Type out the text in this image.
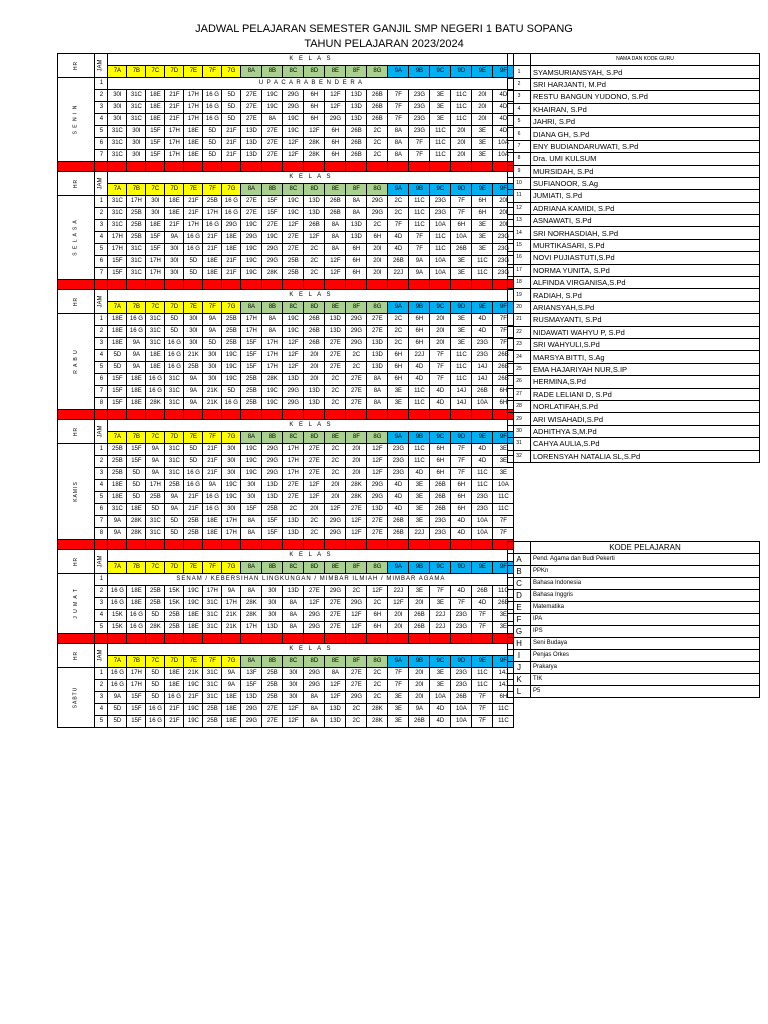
JADWAL PELAJARAN SEMESTER GANJIL SMP NEGERI 1 BATU SOPANG
TAHUN PELAJARAN 2023/2024
HR	JAM	K E L A S																			
		7A	7B	7C	7D	7E	7F	7G	8A	8B	8C	8D	8E	8F	8G	9A	9B	9C	9D	9E	9F
S E N I N	1	U P A C A R A B E N D E R A																			
	2	30I	31C	18E	21F	17H	16 G	5D	27E	19C	29G	6H	12F	13D	26B	7F	23G	3E	11C	20I	4D
	3	30I	31C	18E	21F	17H	16 G	5D	27E	19C	29G	6H	12F	13D	26B	7F	23G	3E	11C	20I	4D
	4	30I	31C	18E	21F	17H	16 G	5D	27E	8A	19C	6H	29G	13D	26B	7F	23G	3E	11C	20I	4D
	5	31C	30I	15F	17H	18E	5D	21F	13D	27E	19C	12F	6H	26B	2C	8A	23G	11C	20I	3E	4D
	6	31C	30I	15F	17H	18E	5D	21F	13D	27E	12F	28K	6H	26B	2C	8A	7F	11C	20I	3E	10A
	7	31C	30I	15F	17H	18E	5D	21F	13D	27E	12F	28K	6H	26B	2C	8A	7F	11C	20I	3E	10A

HR	JAM	K E L A S																			
		7A	7B	7C	7D	7E	7F	7G	8A	8B	8C	8D	8E	8F	8G	9A	9B	9C	9D	9E	9F
S E L A S A	1	31C	17H	30I	18E	21F	25B	16 G	27E	15F	19C	13D	26B	8A	29G	2C	11C	23G	7F	6H	20I
	2	31C	25B	30I	18E	21F	17H	16 G	27E	15F	19C	13D	26B	8A	29G	2C	11C	23G	7F	6H	20I
	3	31C	25B	18E	21F	17H	16 G	29G	19C	27E	12F	26B	8A	13D	2C	7F	11C	10A	6H	3E	20I
	4	17H	25B	15F	9A	16 G	21F	18E	29G	19C	27E	12F	8A	13D	6H	4D	7F	11C	10A	3E	23G
	5	17H	31C	15F	30I	16 G	21F	18E	19C	29G	27E	2C	8A	6H	20I	4D	7F	11C	26B	3E	23G
	6	15F	31C	17H	30I	5D	18E	21F	19C	29G	25B	2C	12F	6H	20I	26B	9A	10A	3E	11C	23G
	7	15F	31C	17H	30I	5D	18E	21F	19C	28K	25B	2C	12F	6H	20I	22J	9A	10A	3E	11C	23G

HR	JAM	K E L A S																			
		7A	7B	7C	7D	7E	7F	7G	8A	8B	8C	8D	8E	8F	8G	9A	9B	9C	9D	9E	9F
R A B U	1	18E	16 G	31C	5D	30I	9A	25B	17H	8A	19C	26B	13D	29G	27E	2C	6H	20I	3E	4D	7F
	2	18E	16 G	31C	5D	30I	9A	25B	17H	8A	19C	26B	13D	29G	27E	2C	6H	20I	3E	4D	7F
	3	18E	9A	31C	16 G	30I	5D	25B	15F	17H	12F	26B	27E	29G	13D	2C	6H	20I	3E	23G	7F
	4	5D	9A	18E	16 G	21K	30I	19C	15F	17H	12F	20I	27E	2C	13D	6H	22J	7F	11C	23G	26B
	5	5D	9A	18E	16 G	25B	30I	19C	15F	17H	12F	20I	27E	2C	13D	6H	4D	7F	11C	14J	26B
	6	15F	18E	16 G	31C	9A	30I	19C	25B	28K	13D	20I	2C	27E	8A	6H	4D	7F	11C	14J	26B
	7	15F	18E	16 G	31C	9A	21K	5D	25B	19C	29G	13D	2C	27E	8A	3E	11C	4D	14J	26B	6H
	8	15F	18E	28K	31C	9A	21K	16 G	25B	19C	29G	13D	2C	27E	8A	3E	11C	4D	14J	10A	6H

HR	JAM	K E L A S																			
		7A	7B	7C	7D	7E	7F	7G	8A	8B	8C	8D	8E	8F	8G	9A	9B	9C	9D	9E	9F
KAMIS	1	25B	15F	9A	31C	5D	21F	30I	19C	29G	17H	27E	2C	20I	12F	23G	11C	6H	7F	4D	3E
	2	25B	15F	9A	31C	5D	21F	30I	19C	29G	17H	27E	2C	20I	12F	23G	11C	6H	7F	4D	3E
	3	25B	5D	9A	31C	16 G	21F	30I	19C	29G	17H	27E	2C	20I	12F	23G	4D	6H	7F	11C	3E
	4	18E	5D	17H	25B	16 G	9A	19C	30I	13D	27E	12F	20I	28K	29G	4D	3E	26B	6H	11C	10A
	5	18E	5D	25B	9A	21F	16 G	19C	30I	13D	27E	12F	20I	28K	29G	4D	3E	26B	6H	23G	11C
	6	31C	18E	5D	9A	21F	16 G	30I	15F	25B	2C	20I	12F	27E	13D	4D	3E	26B	6H	23G	11C
	7	9A	28K	31C	5D	25B	18E	17H	8A	15F	13D	2C	29G	12F	27E	26B	3E	23G	4D	10A	7F
	8	9A	28K	31C	5D	25B	18E	17H	8A	15F	13D	2C	29G	12F	27E	26B	22J	23G	4D	10A	7F

HR	JAM	K E L A S																			
		7A	7B	7C	7D	7E	7F	7G	8A	8B	8C	8D	8E	8F	8G	9A	9B	9C	9D	9E	9F
J U M A T	1	SENAM / KEBERSIHAN LINGKUNGAN / MIMBAR ILMIAH / MIMBAR AGAMA																			
	2	16 G	18E	25B	15K	19C	17H	9A	8A	30I	13D	27E	29G	2C	12F	22J	3E	7F	4D	26B	11C
	3	16 G	18E	25B	15K	19C	31C	17H	28K	30I	8A	12F	27E	29G	2C	12F	20I	3E	7F	4D	26B
	4	15K	16 G	5D	25B	18E	31C	21K	28K	30I	8A	29G	27E	12F	6H	20I	26B	22J	23G	7F	3E
	5	15K	16 G	28K	25B	18E	31C	21K	17H	13D	8A	29G	27E	12F	6H	20I	26B	22J	23G	7F	3E

HR	JAM	K E L A S																			
		7A	7B	7C	7D	7E	7F	7G	8A	8B	8C	8D	8E	8F	8G	9A	9B	9C	9D	9E	9F
SABTU	1	16 G	17H	5D	18E	21K	31C	9A	13F	25B	30I	29G	8A	27E	2C	7F	20I	3E	23G	11C	14J
	2	16 G	17H	5D	18E	19C	31C	9A	15F	25B	30I	29G	12F	27E	2C	7F	20I	3E	23G	11C	14J
	3	9A	15F	5D	16 G	21F	31C	18E	13D	25B	30I	8A	12F	29G	2C	3E	20I	10A	26B	7F	6H
	4	5D	15F	16 G	21F	19C	25B	18E	29G	27E	12F	8A	13D	2C	28K	3E	9A	4D	10A	7F	11C
	5	5D	15F	16 G	21F	19C	25B	18E	29G	27E	12F	8A	13D	2C	28K	3E	26B	4D	10A	7F	11C
	NAMA DAN KODE GURU
1	SYAMSURIANSYAH, S.Pd
2	SRI HARJANTI, M.Pd
3	RESTU BANGUN YUDONO, S.Pd
4	KHAIRAN, S.Pd
5	JAHRI, S.Pd
6	DIANA GH, S.Pd
7	ENY BUDIANDARUWATI, S.Pd
8	Dra. UMI KULSUM
9	MURSIDAH, S.Pd
10	SUFIANOOR, S.Ag
11	JUMIATI, S.Pd
12	ADRIANA KAMIDI, S.Pd
13	ASNAWATI, S.Pd
14	SRI NORHASDIAH, S.Pd
15	MURTIKASARI, S.Pd
16	NOVI PUJIASTUTI,S.Pd
17	NORMA YUNITA, S.Pd
18	ALFINDA VIRGANISA,S.Pd
19	RADIAH, S.Pd
20	ARIANSYAH,S.Pd
21	RUSMAYANTI, S.Pd
22	NIDAWATI WAHYU P, S.Pd
23	SRI WAHYULI,S.Pd
24	MARSYA BITTI, S.Ag
25	EMA HAJARIYAH NUR,S.IP
26	HERMINA,S.Pd
27	RADE LELIANI D, S.Pd
28	NORLATIFAH,S.Pd
29	ARI WISAHADI,S.Pd
30	ADHITHYA S,M.Pd
31	CAHYA AULIA,S.Pd
32	LORENSYAH NATALIA SL,S.Pd
	KODE PELAJARAN
A	Pend. Agama dan Budi Pekerti
B	PPKn
C	Bahasa Indonesia
D	Bahasa Inggris
E	Matematika
F	IPA
G	IPS
H	Seni Budaya
I	Penjas Orkes
J	Prakarya
K	TIK
L	P5
